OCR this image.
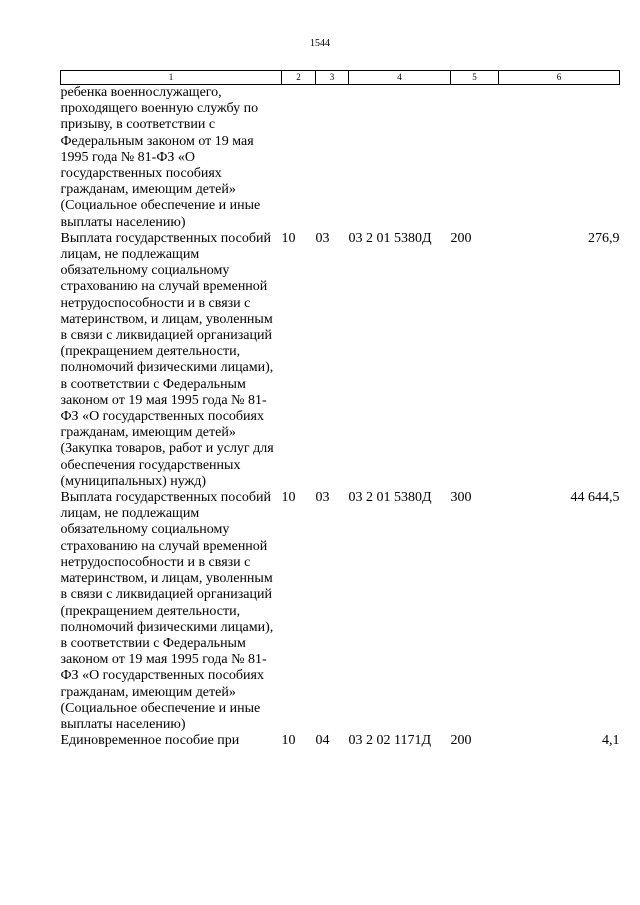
1544
1	2	3	4	5	6
ребенка военнослужащего, проходящего военную службу по призыву, в соответствии с Федеральным законом от 19 мая 1995 года № 81-ФЗ «О государственных пособиях гражданам, имеющим детей» (Социальное обеспечение и иные выплаты населению)					
Выплата государственных пособий лицам, не подлежащим обязательному социальному страхованию на случай временной нетрудоспособности и в связи с материнством, и лицам, уволенным в связи с ликвидацией организаций (прекращением деятельности, полномочий физическими лицами), в соответствии с Федеральным законом от 19 мая 1995 года № 81- ФЗ «О государственных пособиях гражданам, имеющим детей» (Закупка товаров, работ и услуг для обеспечения государственных (муниципальных) нужд)	10	03	03 2 01 5380Д	200	276,9
Выплата государственных пособий лицам, не подлежащим обязательному социальному страхованию на случай временной нетрудоспособности и в связи с материнством, и лицам, уволенным в связи с ликвидацией организаций (прекращением деятельности, полномочий физическими лицами), в соответствии с Федеральным законом от 19 мая 1995 года № 81- ФЗ «О государственных пособиях гражданам, имеющим детей» (Социальное обеспечение и иные выплаты населению)	10	03	03 2 01 5380Д	300	44 644,5
Единовременное пособие при	10	04	03 2 02 1171Д	200	4,1
